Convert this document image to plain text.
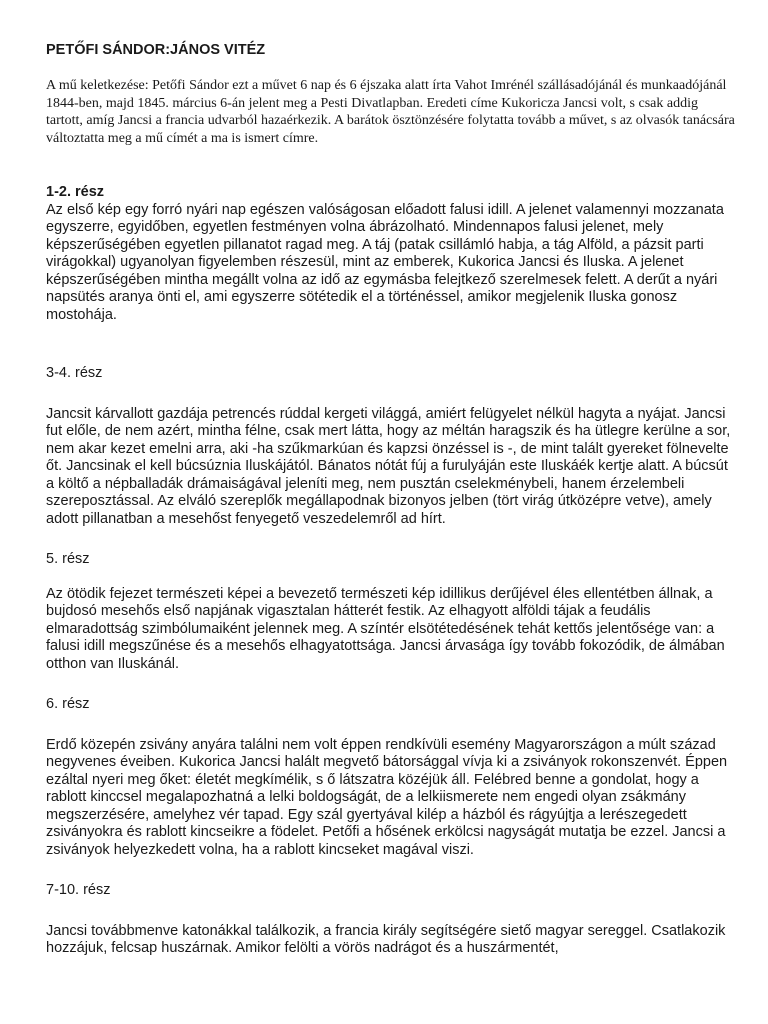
PETŐFI SÁNDOR:JÁNOS VITÉZ

A mű keletkezése: Petőfi Sándor ezt a művet 6 nap és 6 éjszaka alatt írta Vahot Imrénél szállásadójánál és munkaadójánál 1844-ben, majd 1845. március 6-án jelent meg a Pesti Divatlapban. Eredeti címe Kukoricza Jancsi volt, s csak addig tartott, amíg Jancsi a francia udvarból hazaérkezik. A barátok ösztönzésére folytatta tovább a művet, s az olvasók tanácsára változtatta meg a mű címét a ma is ismert címre.

1-2. rész

Az első kép egy forró nyári nap egészen valóságosan előadott falusi idill. A jelenet valamennyi mozzanata egyszerre, egyidőben, egyetlen festményen volna ábrázolható. Mindennapos falusi jelenet, mely képszerűségében egyetlen pillanatot ragad meg. A táj (patak csillámló habja, a tág Alföld, a pázsit parti virágokkal) ugyanolyan figyelemben részesül, mint az emberek, Kukorica Jancsi és Iluska. A jelenet képszerűségében mintha megállt volna az idő az egymásba felejtkező szerelmesek felett. A derűt a nyári napsütés aranya önti el, ami egyszerre sötétedik el a történéssel, amikor megjelenik Iluska gonosz mostohája.

3-4. rész

Jancsit kárvallott gazdája petrencés rúddal kergeti világgá, amiért felügyelet nélkül hagyta a nyájat. Jancsi fut előle, de nem azért, mintha félne, csak mert látta, hogy az méltán haragszik és ha ütlegre kerülne a sor, nem akar kezet emelni arra, aki -ha szűkmarkúan és kapzsi önzéssel is -, de mint talált gyereket fölnevelte őt. Jancsinak el kell búcsúznia Iluskájától. Bánatos nótát fúj a furulyáján este Iluskáék kertje alatt. A búcsút a költő a népballadák drámaiságával jeleníti meg, nem pusztán cselekménybeli, hanem érzelembeli szereposztással. Az elváló szereplők megállapodnak bizonyos jelben (tört virág útközépre vetve), amely adott pillanatban a mesehőst fenyegető veszedelemről ad hírt.

5. rész

Az ötödik fejezet természeti képei a bevezető természeti kép idillikus derűjével éles ellentétben állnak, a bujdosó mesehős első napjának vigasztalan hátterét festik. Az elhagyott alföldi tájak a feudális elmaradottság szimbólumaiként jelennek meg. A színtér elsötétedésének tehát kettős jelentősége van: a falusi idill megszűnése és a mesehős elhagyatottsága. Jancsi árvasága így tovább fokozódik, de álmában otthon van Iluskánál.

6. rész

Erdő közepén zsivány anyára találni nem volt éppen rendkívüli esemény Magyarországon a múlt század negyvenes éveiben. Kukorica Jancsi halált megvető bátorsággal vívja ki a zsiványok rokonszenvét. Éppen ezáltal nyeri meg őket: életét megkímélik, s ő látszatra közéjük áll. Felébred benne a gondolat, hogy a rablott kinccsel megalapozhatná a lelki boldogságát, de a lelkiismerete nem engedi olyan zsákmány megszerzésére, amelyhez vér tapad. Egy szál gyertyával kilép a házból és rágyújtja a lerészegedett zsiványokra és rablott kincseikre a födelet. Petőfi a hősének erkölcsi nagyságát mutatja be ezzel. Jancsi a zsiványok helyezkedett volna, ha a rablott kincseket magával viszi.

7-10. rész

Jancsi továbbmenve katonákkal találkozik, a francia király segítségére siető magyar sereggel. Csatlakozik hozzájuk, felcsap huszárnak. Amikor felölti a vörös nadrágot és a huszármentét,
